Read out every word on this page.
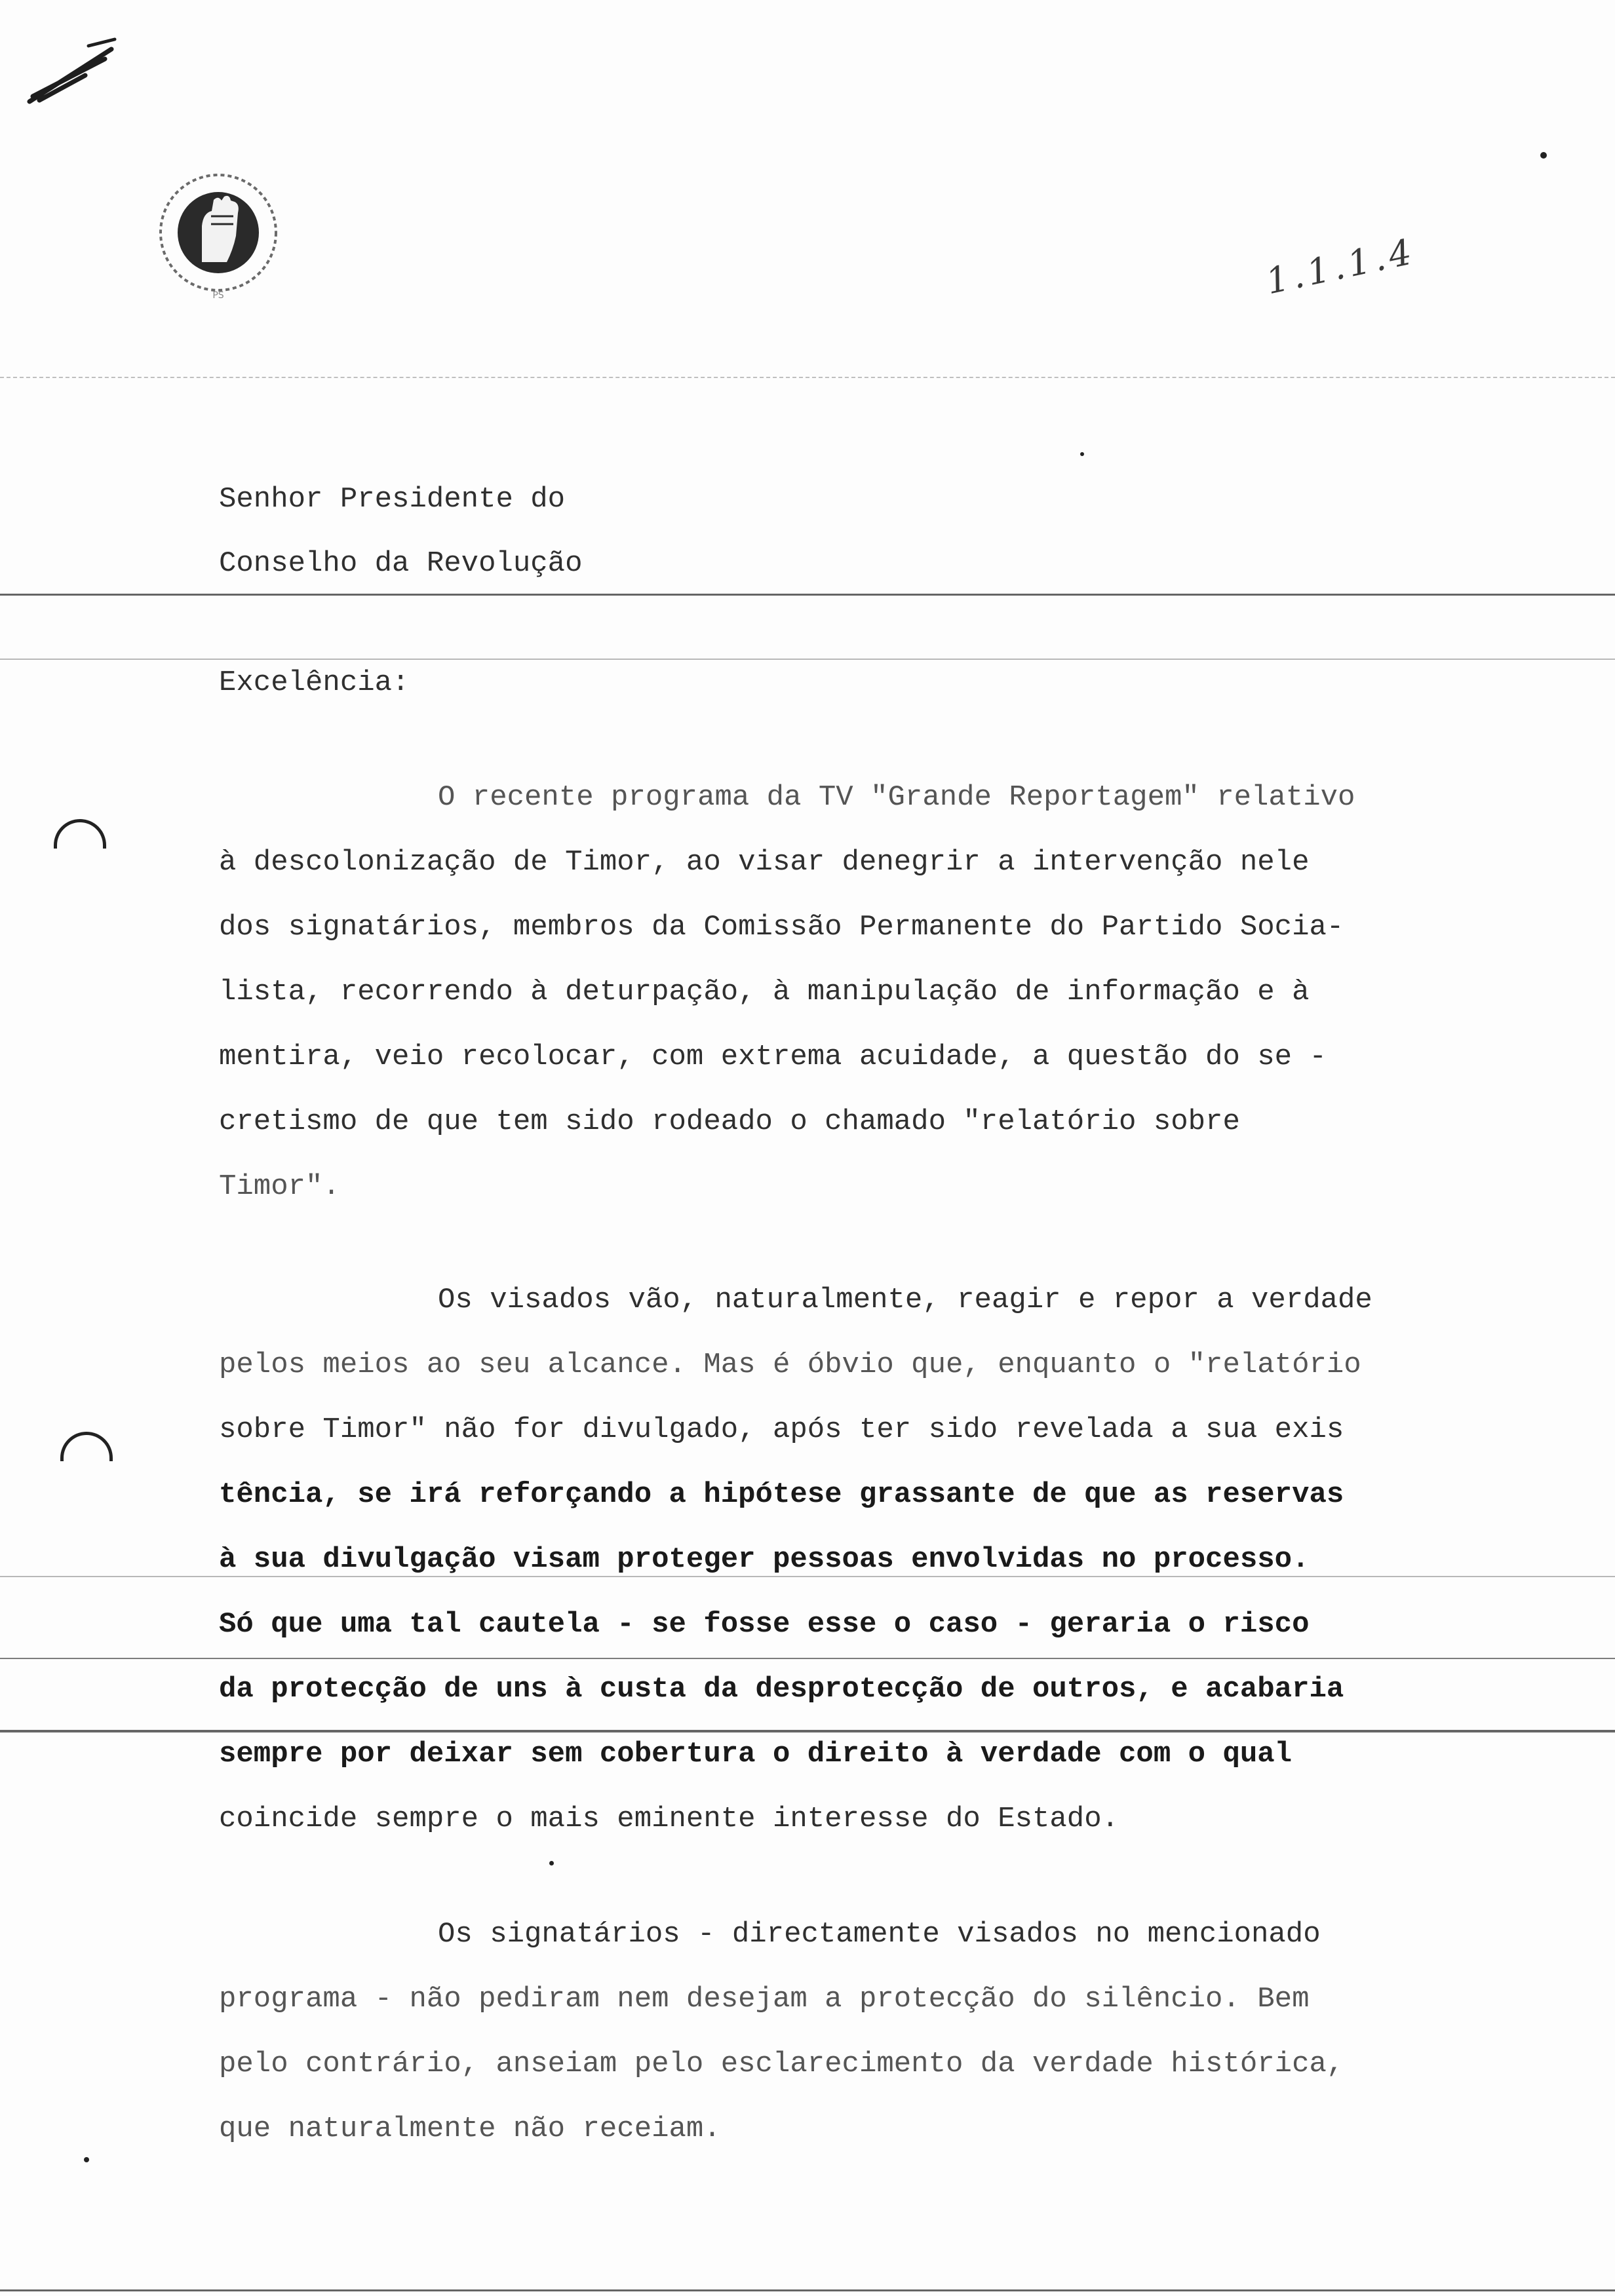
PS	1.1.1.4
Senhor Presidente do
Conselho da Revolução
Excelência:
O recente programa da TV "Grande Reportagem" relativo
à descolonização de Timor, ao visar denegrir a intervenção nele
dos signatários, membros da Comissão Permanente do Partido Socia-
lista, recorrendo à deturpação, à manipulação de informação e à
mentira, veio recolocar, com extrema acuidade, a questão do se -
cretismo de que tem sido rodeado o chamado "relatório sobre
Timor".
Os visados vão, naturalmente, reagir e repor a verdade
pelos meios ao seu alcance. Mas é óbvio que, enquanto o "relatório
sobre Timor" não for divulgado, após ter sido revelada a sua exis
tência, se irá reforçando a hipótese grassante de que as reservas
à sua divulgação visam proteger pessoas envolvidas no processo.
Só que uma tal cautela - se fosse esse o caso - geraria o risco
da protecção de uns à custa da desprotecção de outros, e acabaria
sempre por deixar sem cobertura o direito à verdade com o qual
coincide sempre o mais eminente interesse do Estado.
Os signatários - directamente visados no mencionado
programa - não pediram nem desejam a protecção do silêncio. Bem
pelo contrário, anseiam pelo esclarecimento da verdade histórica,
que naturalmente não receiam.
